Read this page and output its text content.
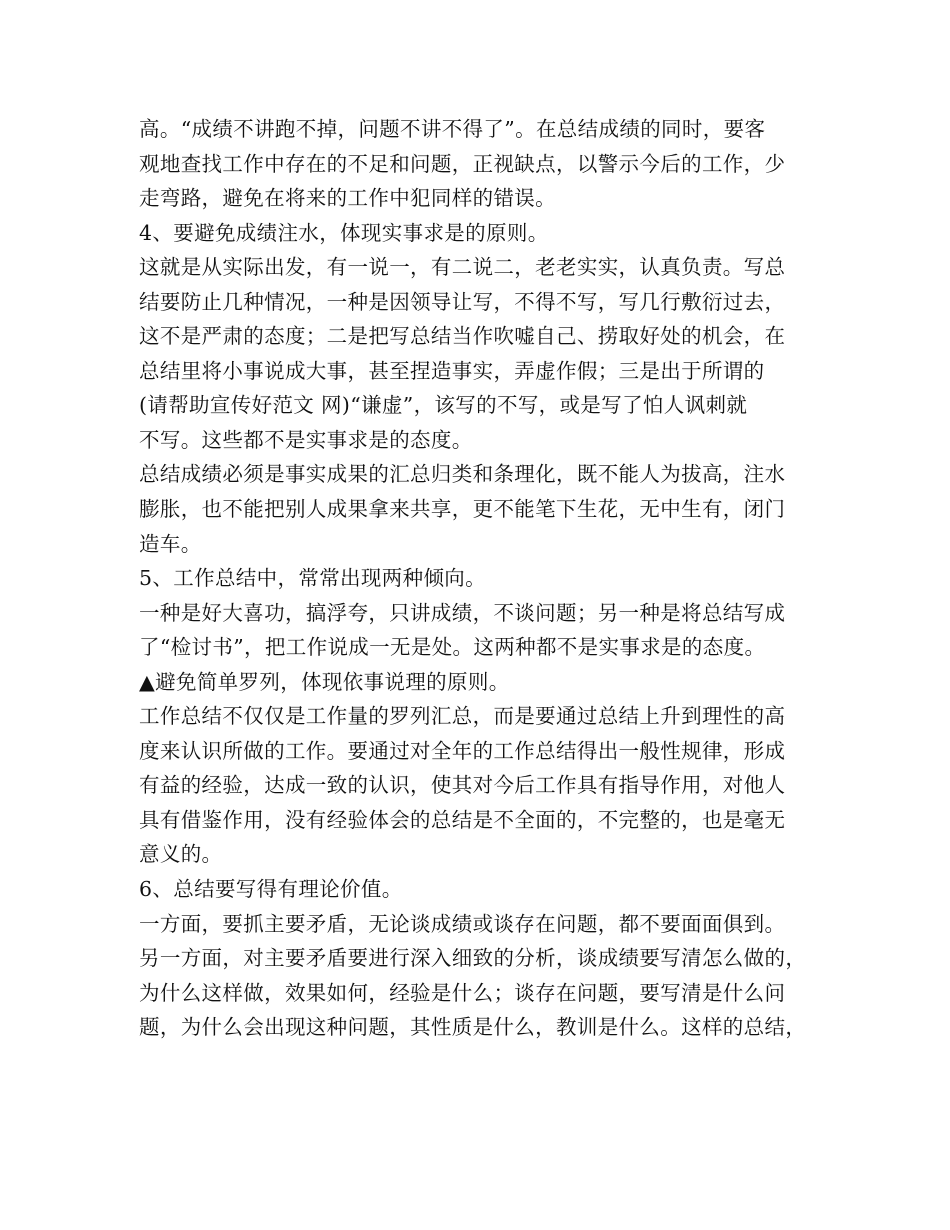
高。“成绩不讲跑不掉，问题不讲不得了”。在总结成绩的同时，要客
观地查找工作中存在的不足和问题，正视缺点，以警示今后的工作，少
走弯路，避免在将来的工作中犯同样的错误。
4、要避免成绩注水，体现实事求是的原则。
这就是从实际出发，有一说一，有二说二，老老实实，认真负责。写总
结要防止几种情况，一种是因领导让写，不得不写，写几行敷衍过去，
这不是严肃的态度；二是把写总结当作吹嘘自己、捞取好处的机会，在
总结里将小事说成大事，甚至捏造事实，弄虚作假；三是出于所谓的
(请帮助宣传好范文 网)“谦虚”，该写的不写，或是写了怕人讽刺就
不写。这些都不是实事求是的态度。
总结成绩必须是事实成果的汇总归类和条理化，既不能人为拔高，注水
膨胀，也不能把别人成果拿来共享，更不能笔下生花，无中生有，闭门
造车。
5、工作总结中，常常出现两种倾向。
一种是好大喜功，搞浮夸，只讲成绩，不谈问题；另一种是将总结写成
了“检讨书”，把工作说成一无是处。这两种都不是实事求是的态度。
▲避免简单罗列，体现依事说理的原则。
工作总结不仅仅是工作量的罗列汇总，而是要通过总结上升到理性的高
度来认识所做的工作。要通过对全年的工作总结得出一般性规律，形成
有益的经验，达成一致的认识，使其对今后工作具有指导作用，对他人
具有借鉴作用，没有经验体会的总结是不全面的，不完整的，也是毫无
意义的。
6、总结要写得有理论价值。
一方面，要抓主要矛盾，无论谈成绩或谈存在问题，都不要面面俱到。
另一方面，对主要矛盾要进行深入细致的分析，谈成绩要写清怎么做的，
为什么这样做，效果如何，经验是什么；谈存在问题，要写清是什么问
题，为什么会出现这种问题，其性质是什么，教训是什么。这样的总结，
